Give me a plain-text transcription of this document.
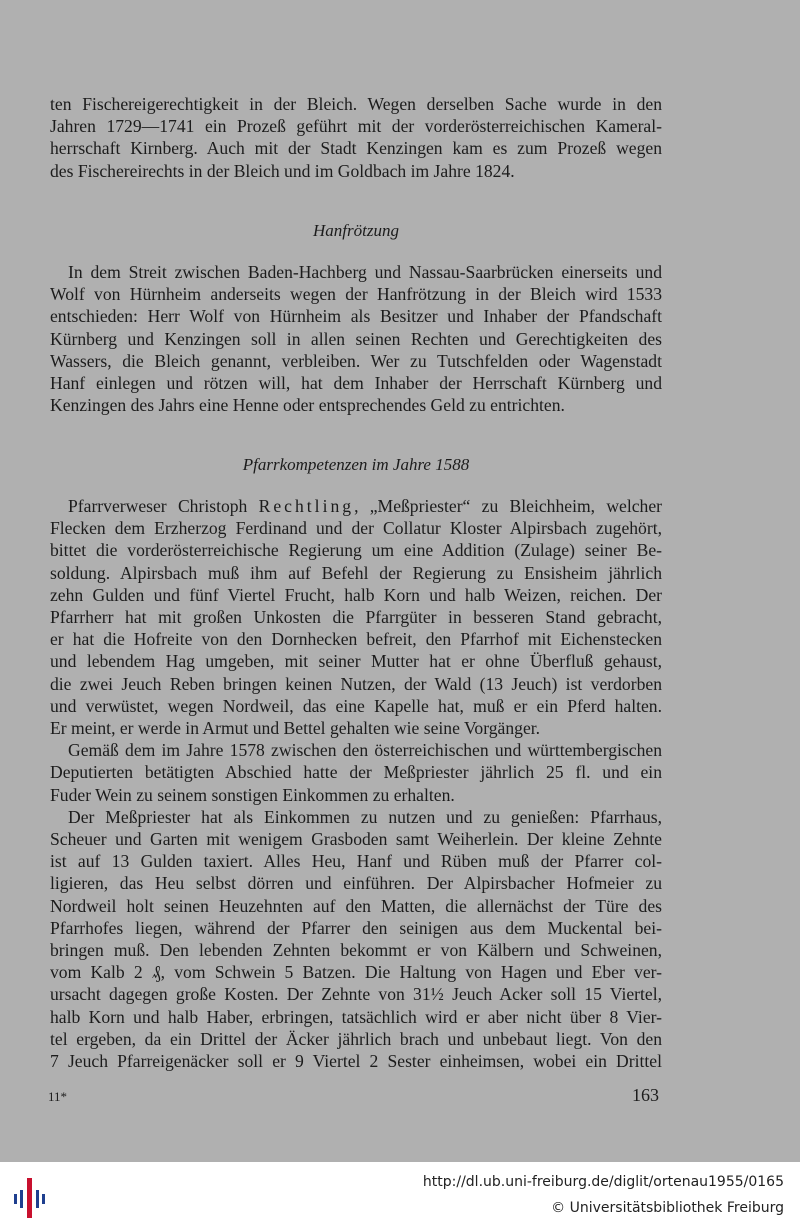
ten Fischereigerechtigkeit in der Bleich. Wegen derselben Sache wurde in den
Jahren 1729—1741 ein Prozeß geführt mit der vorderösterreichischen Kameral-
herrschaft Kirnberg. Auch mit der Stadt Kenzingen kam es zum Prozeß wegen
des Fischereirechts in der Bleich und im Goldbach im Jahre 1824.
Hanfrötzung
In dem Streit zwischen Baden-Hachberg und Nassau-Saarbrücken einerseits und
Wolf von Hürnheim anderseits wegen der Hanfrötzung in der Bleich wird 1533
entschieden: Herr Wolf von Hürnheim als Besitzer und Inhaber der Pfandschaft
Kürnberg und Kenzingen soll in allen seinen Rechten und Gerechtigkeiten des
Wassers, die Bleich genannt, verbleiben. Wer zu Tutschfelden oder Wagenstadt
Hanf einlegen und rötzen will, hat dem Inhaber der Herrschaft Kürnberg und
Kenzingen des Jahrs eine Henne oder entsprechendes Geld zu entrichten.
Pfarrkompetenzen im Jahre 1588
Pfarrverweser Christoph Rechtling, „Meßpriester“ zu Bleichheim, welcher
Flecken dem Erzherzog Ferdinand und der Collatur Kloster Alpirsbach zugehört,
bittet die vorderösterreichische Regierung um eine Addition (Zulage) seiner Be-
soldung. Alpirsbach muß ihm auf Befehl der Regierung zu Ensisheim jährlich
zehn Gulden und fünf Viertel Frucht, halb Korn und halb Weizen, reichen. Der
Pfarrherr hat mit großen Unkosten die Pfarrgüter in besseren Stand gebracht,
er hat die Hofreite von den Dornhecken befreit, den Pfarrhof mit Eichenstecken
und lebendem Hag umgeben, mit seiner Mutter hat er ohne Überfluß gehaust,
die zwei Jeuch Reben bringen keinen Nutzen, der Wald (13 Jeuch) ist verdorben
und verwüstet, wegen Nordweil, das eine Kapelle hat, muß er ein Pferd halten.
Er meint, er werde in Armut und Bettel gehalten wie seine Vorgänger.
Gemäß dem im Jahre 1578 zwischen den österreichischen und württembergischen
Deputierten betätigten Abschied hatte der Meßpriester jährlich 25 fl. und ein
Fuder Wein zu seinem sonstigen Einkommen zu erhalten.
Der Meßpriester hat als Einkommen zu nutzen und zu genießen: Pfarrhaus,
Scheuer und Garten mit wenigem Grasboden samt Weiherlein. Der kleine Zehnte
ist auf 13 Gulden taxiert. Alles Heu, Hanf und Rüben muß der Pfarrer col-
ligieren, das Heu selbst dörren und einführen. Der Alpirsbacher Hofmeier zu
Nordweil holt seinen Heuzehnten auf den Matten, die allernächst der Türe des
Pfarrhofes liegen, während der Pfarrer den seinigen aus dem Muckental bei-
bringen muß. Den lebenden Zehnten bekommt er von Kälbern und Schweinen,
vom Kalb 2 ₰, vom Schwein 5 Batzen. Die Haltung von Hagen und Eber ver-
ursacht dagegen große Kosten. Der Zehnte von 31½ Jeuch Acker soll 15 Viertel,
halb Korn und halb Haber, erbringen, tatsächlich wird er aber nicht über 8 Vier-
tel ergeben, da ein Drittel der Äcker jährlich brach und unbebaut liegt. Von den
7 Jeuch Pfarreigenäcker soll er 9 Viertel 2 Sester einheimsen, wobei ein Drittel
11*	163
http://dl.ub.uni-freiburg.de/diglit/ortenau1955/0165
© Universitätsbibliothek Freiburg
